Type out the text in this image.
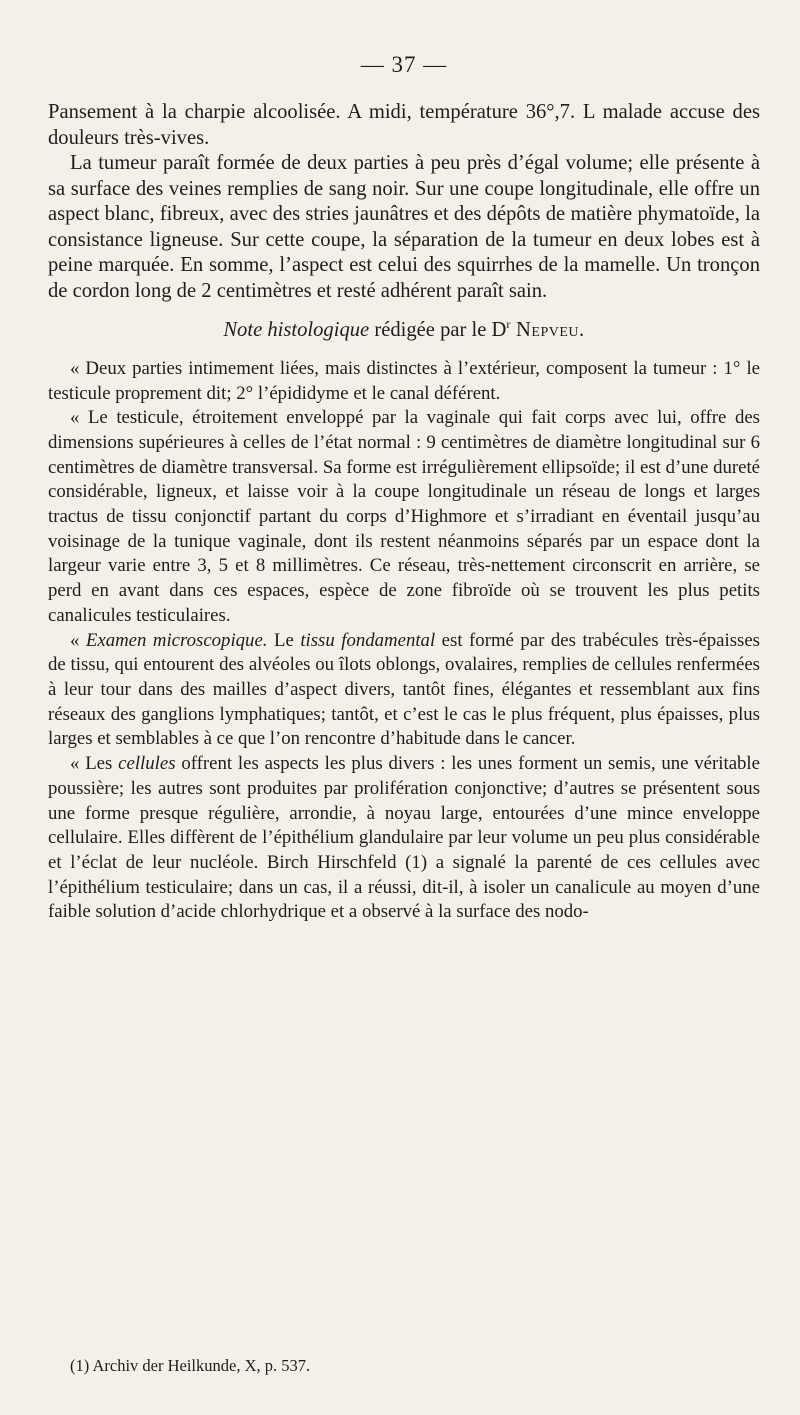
— 37 —

Pansement à la charpie alcoolisée. A midi, température 36°,7. L malade accuse des douleurs très-vives.

La tumeur paraît formée de deux parties à peu près d’égal volume; elle présente à sa surface des veines remplies de sang noir. Sur une coupe longitudinale, elle offre un aspect blanc, fibreux, avec des stries jaunâtres et des dépôts de matière phymatoïde, la consistance ligneuse. Sur cette coupe, la séparation de la tumeur en deux lobes est à peine marquée. En somme, l’aspect est celui des squirrhes de la mamelle. Un tronçon de cordon long de 2 centimètres et resté adhérent paraît sain.

Note histologique rédigée par le $D^r$ Nepveu.

« Deux parties intimement liées, mais distinctes à l’extérieur, composent la tumeur : 1° le testicule proprement dit; 2° l’épididyme et le canal déférent.

« Le testicule, étroitement enveloppé par la vaginale qui fait corps avec lui, offre des dimensions supérieures à celles de l’état normal : 9 centimètres de diamètre longitudinal sur 6 centimètres de diamètre transversal. Sa forme est irrégulièrement ellipsoïde; il est d’une dureté considérable, ligneux, et laisse voir à la coupe longitudinale un réseau de longs et larges tractus de tissu conjonctif partant du corps d’Highmore et s’irradiant en éventail jusqu’au voisinage de la tunique vaginale, dont ils restent néanmoins séparés par un espace dont la largeur varie entre 3, 5 et 8 millimètres. Ce réseau, très-nettement circonscrit en arrière, se perd en avant dans ces espaces, espèce de zone fibroïde où se trouvent les plus petits canalicules testiculaires.

« Examen microscopique. Le tissu fondamental est formé par des trabécules très-épaisses de tissu, qui entourent des alvéoles ou îlots oblongs, ovalaires, remplies de cellules renfermées à leur tour dans des mailles d’aspect divers, tantôt fines, élégantes et ressemblant aux fins réseaux des ganglions lymphatiques; tantôt, et c’est le cas le plus fréquent, plus épaisses, plus larges et semblables à ce que l’on rencontre d’habitude dans le cancer.

« Les cellules offrent les aspects les plus divers : les unes forment un semis, une véritable poussière; les autres sont produites par prolifération conjonctive; d’autres se présentent sous une forme presque régulière, arrondie, à noyau large, entourées d’une mince enveloppe cellulaire. Elles diffèrent de l’épithélium glandulaire par leur volume un peu plus considérable et l’éclat de leur nucléole. Birch Hirschfeld (1) a signalé la parenté de ces cellules avec l’épithélium testiculaire; dans un cas, il a réussi, dit-il, à isoler un canalicule au moyen d’une faible solution d’acide chlorhydrique et a observé à la surface des nodo-

(1) Archiv der Heilkunde, X, p. 537.
